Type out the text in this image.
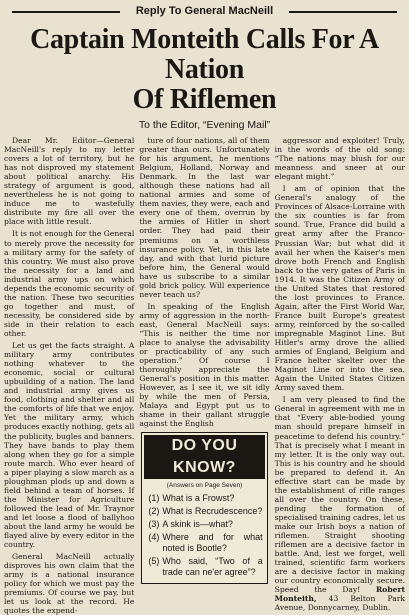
Reply To General MacNeill
Captain Monteith Calls For A Nation
Of Riflemen
To the Editor, “Evening Mail”

Dear Mr. Editor—General MacNeill's reply to my letter covers a lot of territory, but he has not disproved my statement about political anarchy. His strategy of argument is good, nevertheless he is not going to induce me to wastefully distribute my fire all over the place with little result.

It is not enough for the General to merely prove the necessity for a military army for the safety of this country. We must also prove the necessity for a land and industrial army ups on which depends the economic security of the nation. These two securities go together and must, of necessity, be considered side by side in their relation to each other.

Let us get the facts straight. A military army contributes nothing whatever to the economic, social or cultural upbuilding of a nation. The land and industrial army gives us food, clothing and shelter and all the comforts of life that we enjoy. Yet the military army, which produces exactly nothing, gets all the publicity, bugles and banners. They have bands to play them along when they go for a simple route march. Who ever heard of a piper playing a slow march as a ploughman plods up and down a field behind a team of horses. If the Minister for Agriculture followed the lead of Mr. Traynor and let loose a flood of ballyhoo about the land army he would be flayed alive by every editor in the country.

General MacNeill actually disproves his own claim that the army is a national insurance policy for which we must pay the premiums. Of course we pay, but let us look at the record. He quotes the expend-

ture of four nations, all of them greater than ours. Unfortunately for his argument, he mentions Belgium, Holland, Norway and Denmark. In the last war although these nations had all national armies and some of them navies, they were, each and every one of them, overrun by the armies of Hitler in short order. They had paid their premiums on a worthless insurance policy. Yet, in this late day, and with that lurid picture before him, the General would have us subscribe to a similar gold brick policy. Will experience never teach us?

In speaking of the English army of aggression in the north-east, General MacNeill says: “This is neither the time nor place to analyse the advisability or practicability of any such operation.” Of course I thoroughly appreciate the General's position in this matter. However, as I see it, we sit idly by while the men of Persia, Malaya and Egypt put us to shame in their gallant struggle against the English

DO YOU KNOW?
(Answers on Page Seven)
(1) What is a Frowst?
(2) What is Recrudescence?
(3) A skink is—what?
(4) Where and for what noted is Bootle?
(5) Who said, “Two of a trade can ne'er agree”?

aggressor and exploiter! Truly, in the words of the old song: “The nations may blush for our meanness and sneer at our elegant might.”

I am of opinion that the General's analogy of the Provinces of Alsace-Lorraine with the six counties is far from sound. True, France did build a great army after the Franco-Prussian War; but what did it avail her when the Kaiser's men drove both French and English back to the very gates of Paris in 1914. It was the Citizen Army of the United States that restored the lost provinces to France. Again, after the First World War, France built Europe's greatest army, reinforced by the so-called impregnable Maginot Line. But Hitler's army drove the allied armies of England, Belgium and France helter skelter over the Maginot Line or into the sea. Again the United States Citizen Army saved them.

I am very pleased to find the General in agreement with me in that “Every able-bodied young man should prepare himself in peacetime to defend his country.” That is precisely what I meant in my letter. It is the only way out. This is his country and he should be prepared to defend it. An effective start can be made by the establishment of rifle ranges all over the country. On these, pending the formation of specialised training cadres, let us make our Irish boys a nation of riflemen. Straight shooting riflemen are a decisive factor in battle. And, lest we forget, well trained, scientific farm workers are a decisive factor in making our country economically secure. Speed the Day! Robert Monteith, 43 Belton Park Avenue, Donnycarney, Dublin.
